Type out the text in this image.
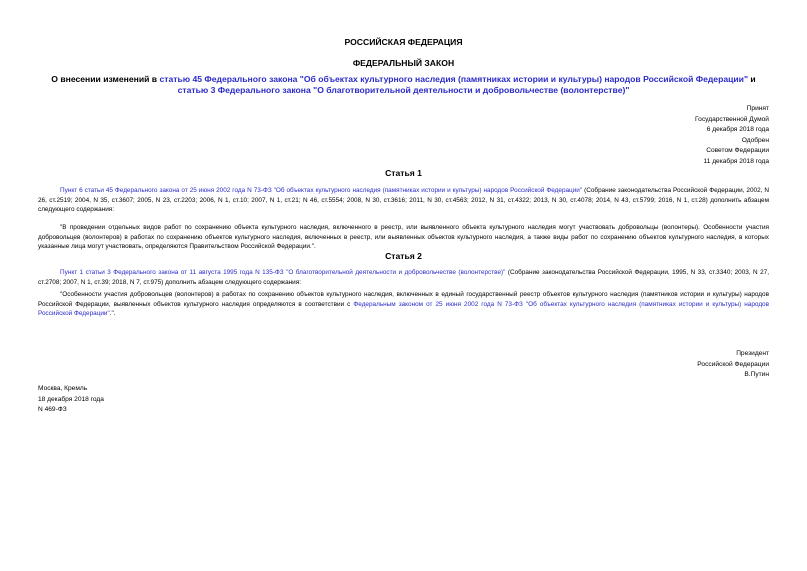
РОССИЙСКАЯ ФЕДЕРАЦИЯ
ФЕДЕРАЛЬНЫЙ ЗАКОН
О внесении изменений в статью 45 Федерального закона "Об объектах культурного наследия (памятниках истории и культуры) народов Российской Федерации" и статью 3 Федерального закона "О благотворительной деятельности и добровольчестве (волонтерстве)"
Принят
Государственной Думой
6 декабря 2018 года
Одобрен
Советом Федерации
11 декабря 2018 года
Статья 1
Пункт 6 статьи 45 Федерального закона от 25 июня 2002 года N 73-ФЗ "Об объектах культурного наследия (памятниках истории и культуры) народов Российской Федерации" (Собрание законодательства Российской Федерации, 2002, N 26, ст.2519; 2004, N 35, ст.3607; 2005, N 23, ст.2203; 2006, N 1, ст.10; 2007, N 1, ст.21; N 46, ст.5554; 2008, N 30, ст.3616; 2011, N 30, ст.4563; 2012, N 31, ст.4322; 2013, N 30, ст.4078; 2014, N 43, ст.5799; 2016, N 1, ст.28) дополнить абзацем следующего содержания:
"В проведении отдельных видов работ по сохранению объекта культурного наследия, включенного в реестр, или выявленного объекта культурного наследия могут участвовать добровольцы (волонтеры). Особенности участия добровольцев (волонтеров) в работах по сохранению объектов культурного наследия, включенных в реестр, или выявленных объектов культурного наследия, а также виды работ по сохранению объектов культурного наследия, в которых указанные лица могут участвовать, определяются Правительством Российской Федерации.".
Статья 2
Пункт 1 статьи 3 Федерального закона от 11 августа 1995 года N 135-ФЗ "О благотворительной деятельности и добровольчестве (волонтерстве)" (Собрание законодательства Российской Федерации, 1995, N 33, ст.3340; 2003, N 27, ст.2708; 2007, N 1, ст.39; 2018, N 7, ст.975) дополнить абзацем следующего содержания:
"Особенности участия добровольцев (волонтеров) в работах по сохранению объектов культурного наследия, включенных в единый государственный реестр объектов культурного наследия (памятников истории и культуры) народов Российской Федерации, выявленных объектов культурного наследия определяются в соответствии с Федеральным законом от 25 июня 2002 года N 73-ФЗ "Об объектах культурного наследия (памятниках истории и культуры) народов Российской Федерации".".
Президент
Российской Федерации
В.Путин
Москва, Кремль
18 декабря 2018 года
N 469-ФЗ
